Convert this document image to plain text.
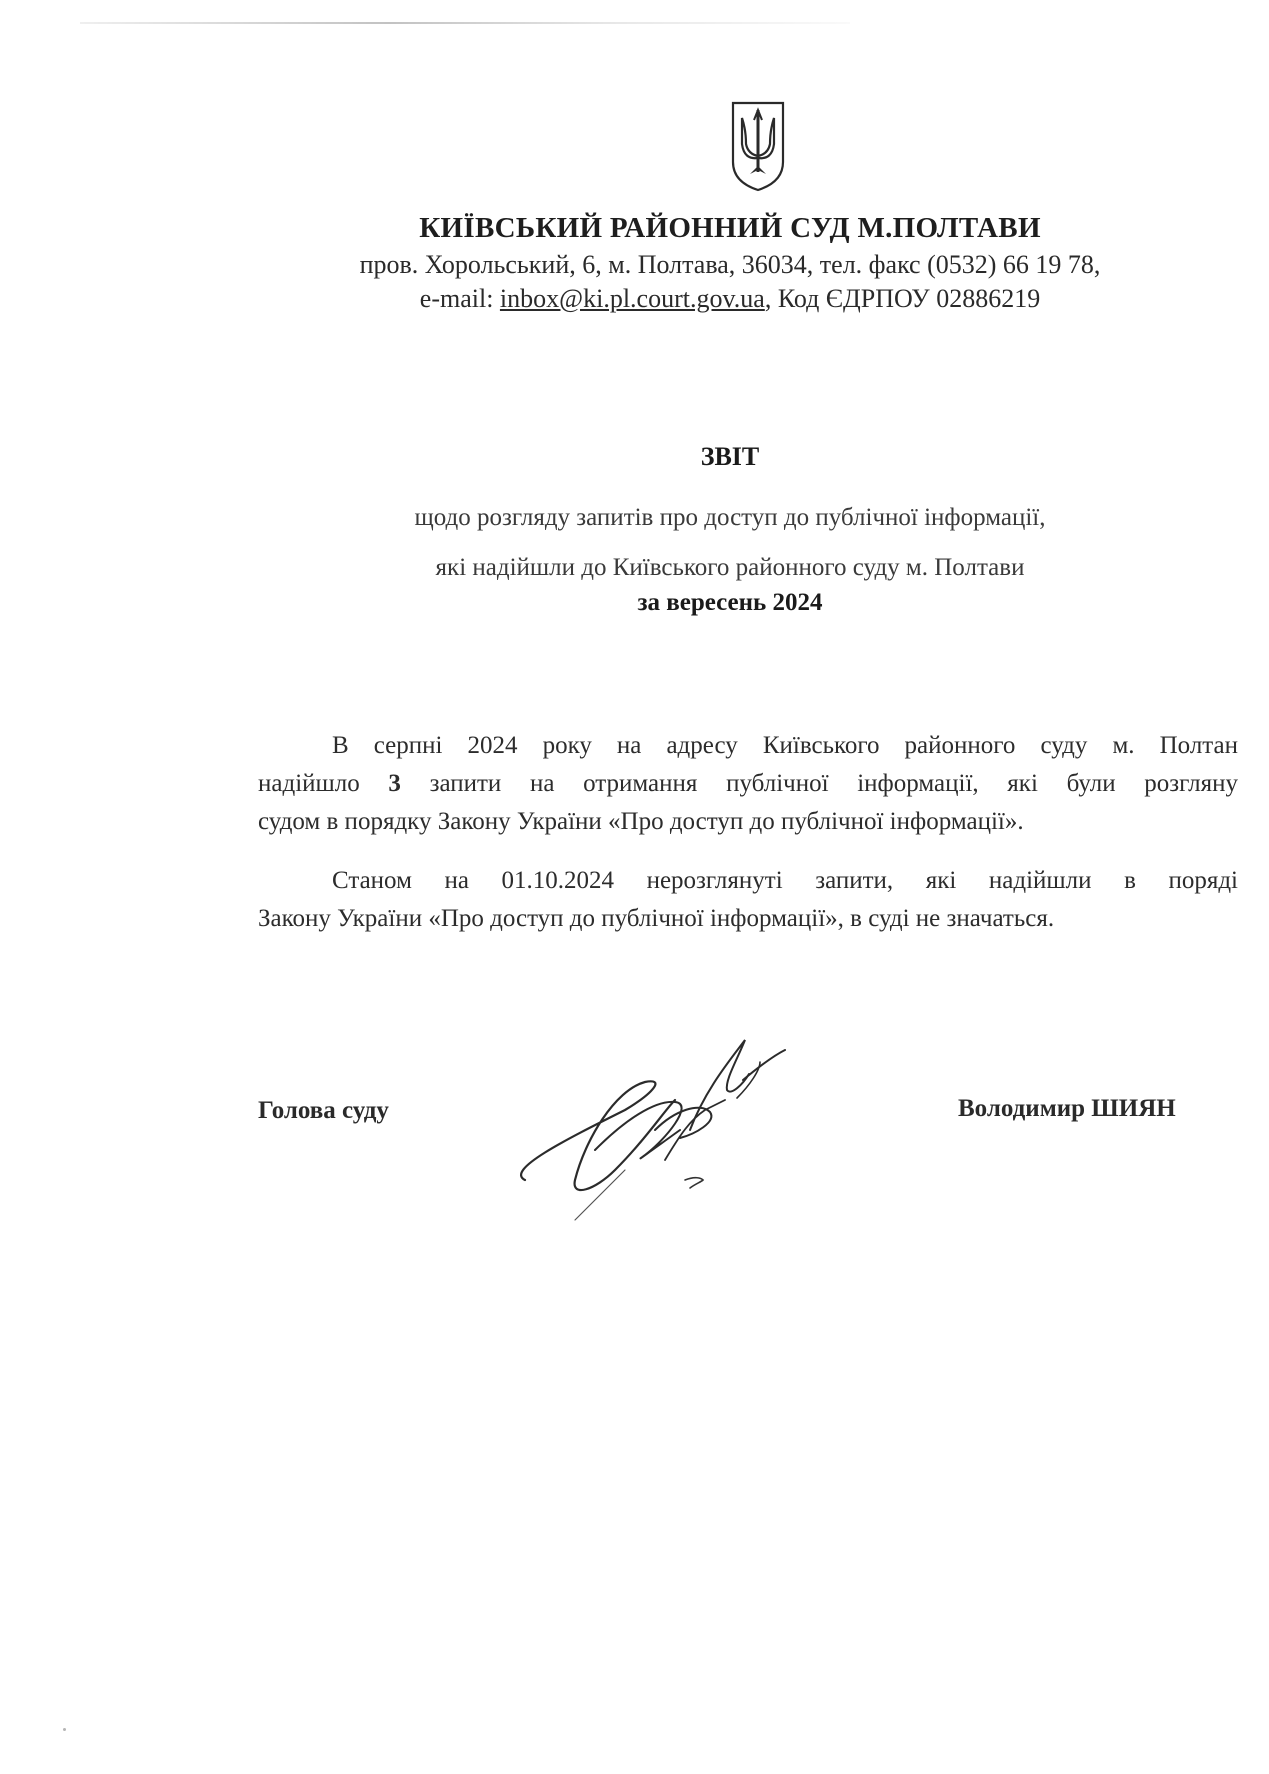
КИЇВСЬКИЙ РАЙОННИЙ СУД М.ПОЛТАВИ
пров. Хорольський, 6, м. Полтава, 36034, тел. факс (0532) 66 19 78,
e-mail: inbox@ki.pl.court.gov.ua, Код ЄДРПОУ 02886219
ЗВІТ
щодо розгляду запитів про доступ до публічної інформації,
які надійшли до Київського районного суду м. Полтави
за вересень 2024
В серпні 2024 року на адресу Київського районного суду м. Полтан
надійшло 3 запити на отримання публічної інформації, які були розгляну
судом в порядку Закону України «Про доступ до публічної інформації».
Станом на 01.10.2024 нерозглянуті запити, які надійшли в поряді
Закону України «Про доступ до публічної інформації», в суді не значаться.
Голова суду	Володимир ШИЯН
